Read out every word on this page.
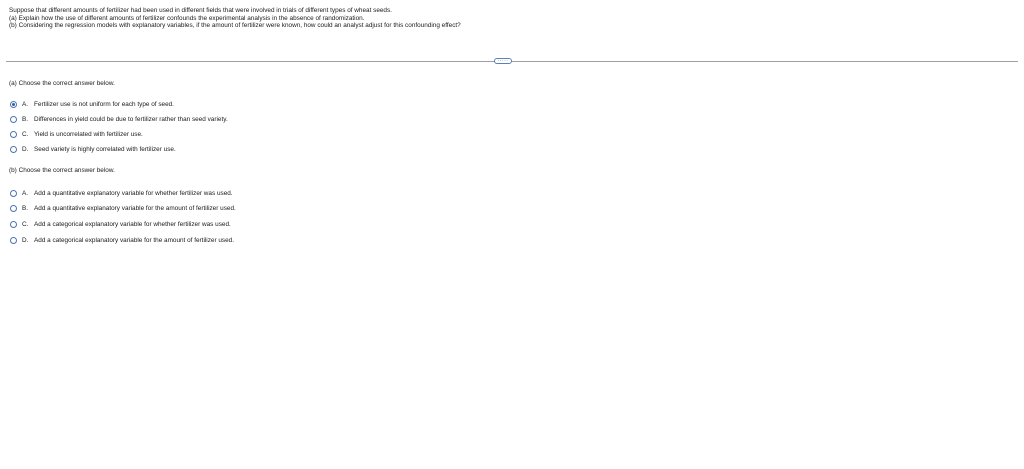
Suppose that different amounts of fertilizer had been used in different fields that were involved in trials of different types of wheat seeds.
(a) Explain how the use of different amounts of fertilizer confounds the experimental analysis in the absence of randomization.
(b) Considering the regression models with explanatory variables, if the amount of fertilizer were known, how could an analyst adjust for this confounding effect?
·····
(a) Choose the correct answer below.
A. Fertilizer use is not uniform for each type of seed.
B. Differences in yield could be due to fertilizer rather than seed variety.
C. Yield is uncorrelated with fertilizer use.
D. Seed variety is highly correlated with fertilizer use.
(b) Choose the correct answer below.
A. Add a quantitative explanatory variable for whether fertilizer was used.
B. Add a quantitative explanatory variable for the amount of fertilizer used.
C. Add a categorical explanatory variable for whether fertilizer was used.
D. Add a categorical explanatory variable for the amount of fertilizer used.
